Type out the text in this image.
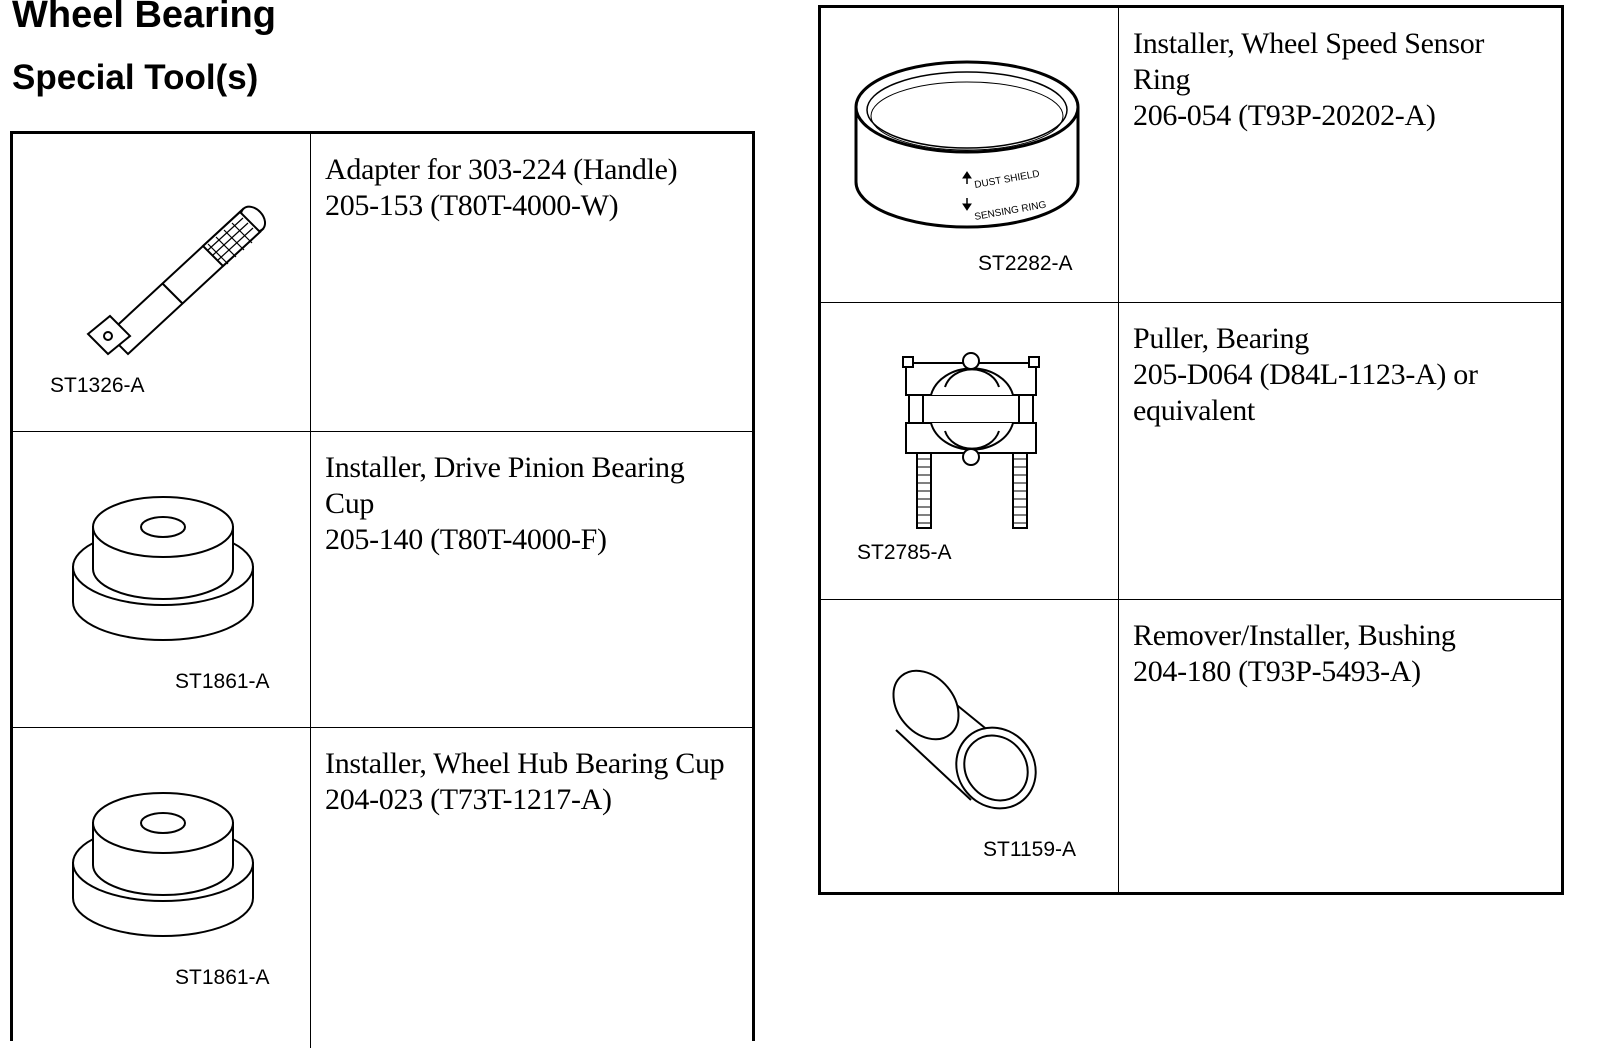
Wheel Bearing
Special Tool(s)
ST1326-A
Adapter for 303-224 (Handle)
205-153 (T80T-4000-W)
ST1861-A
Installer, Drive Pinion Bearing
Cup
205-140 (T80T-4000-F)
ST1861-A
Installer, Wheel Hub Bearing Cup
204-023 (T73T-1217-A)
DUST SHIELD
SENSING RING
ST2282-A
Installer, Wheel Speed Sensor
Ring
206-054 (T93P-20202-A)
ST2785-A
Puller, Bearing
205-D064 (D84L-1123-A) or
equivalent
ST1159-A
Remover/Installer, Bushing
204-180 (T93P-5493-A)
